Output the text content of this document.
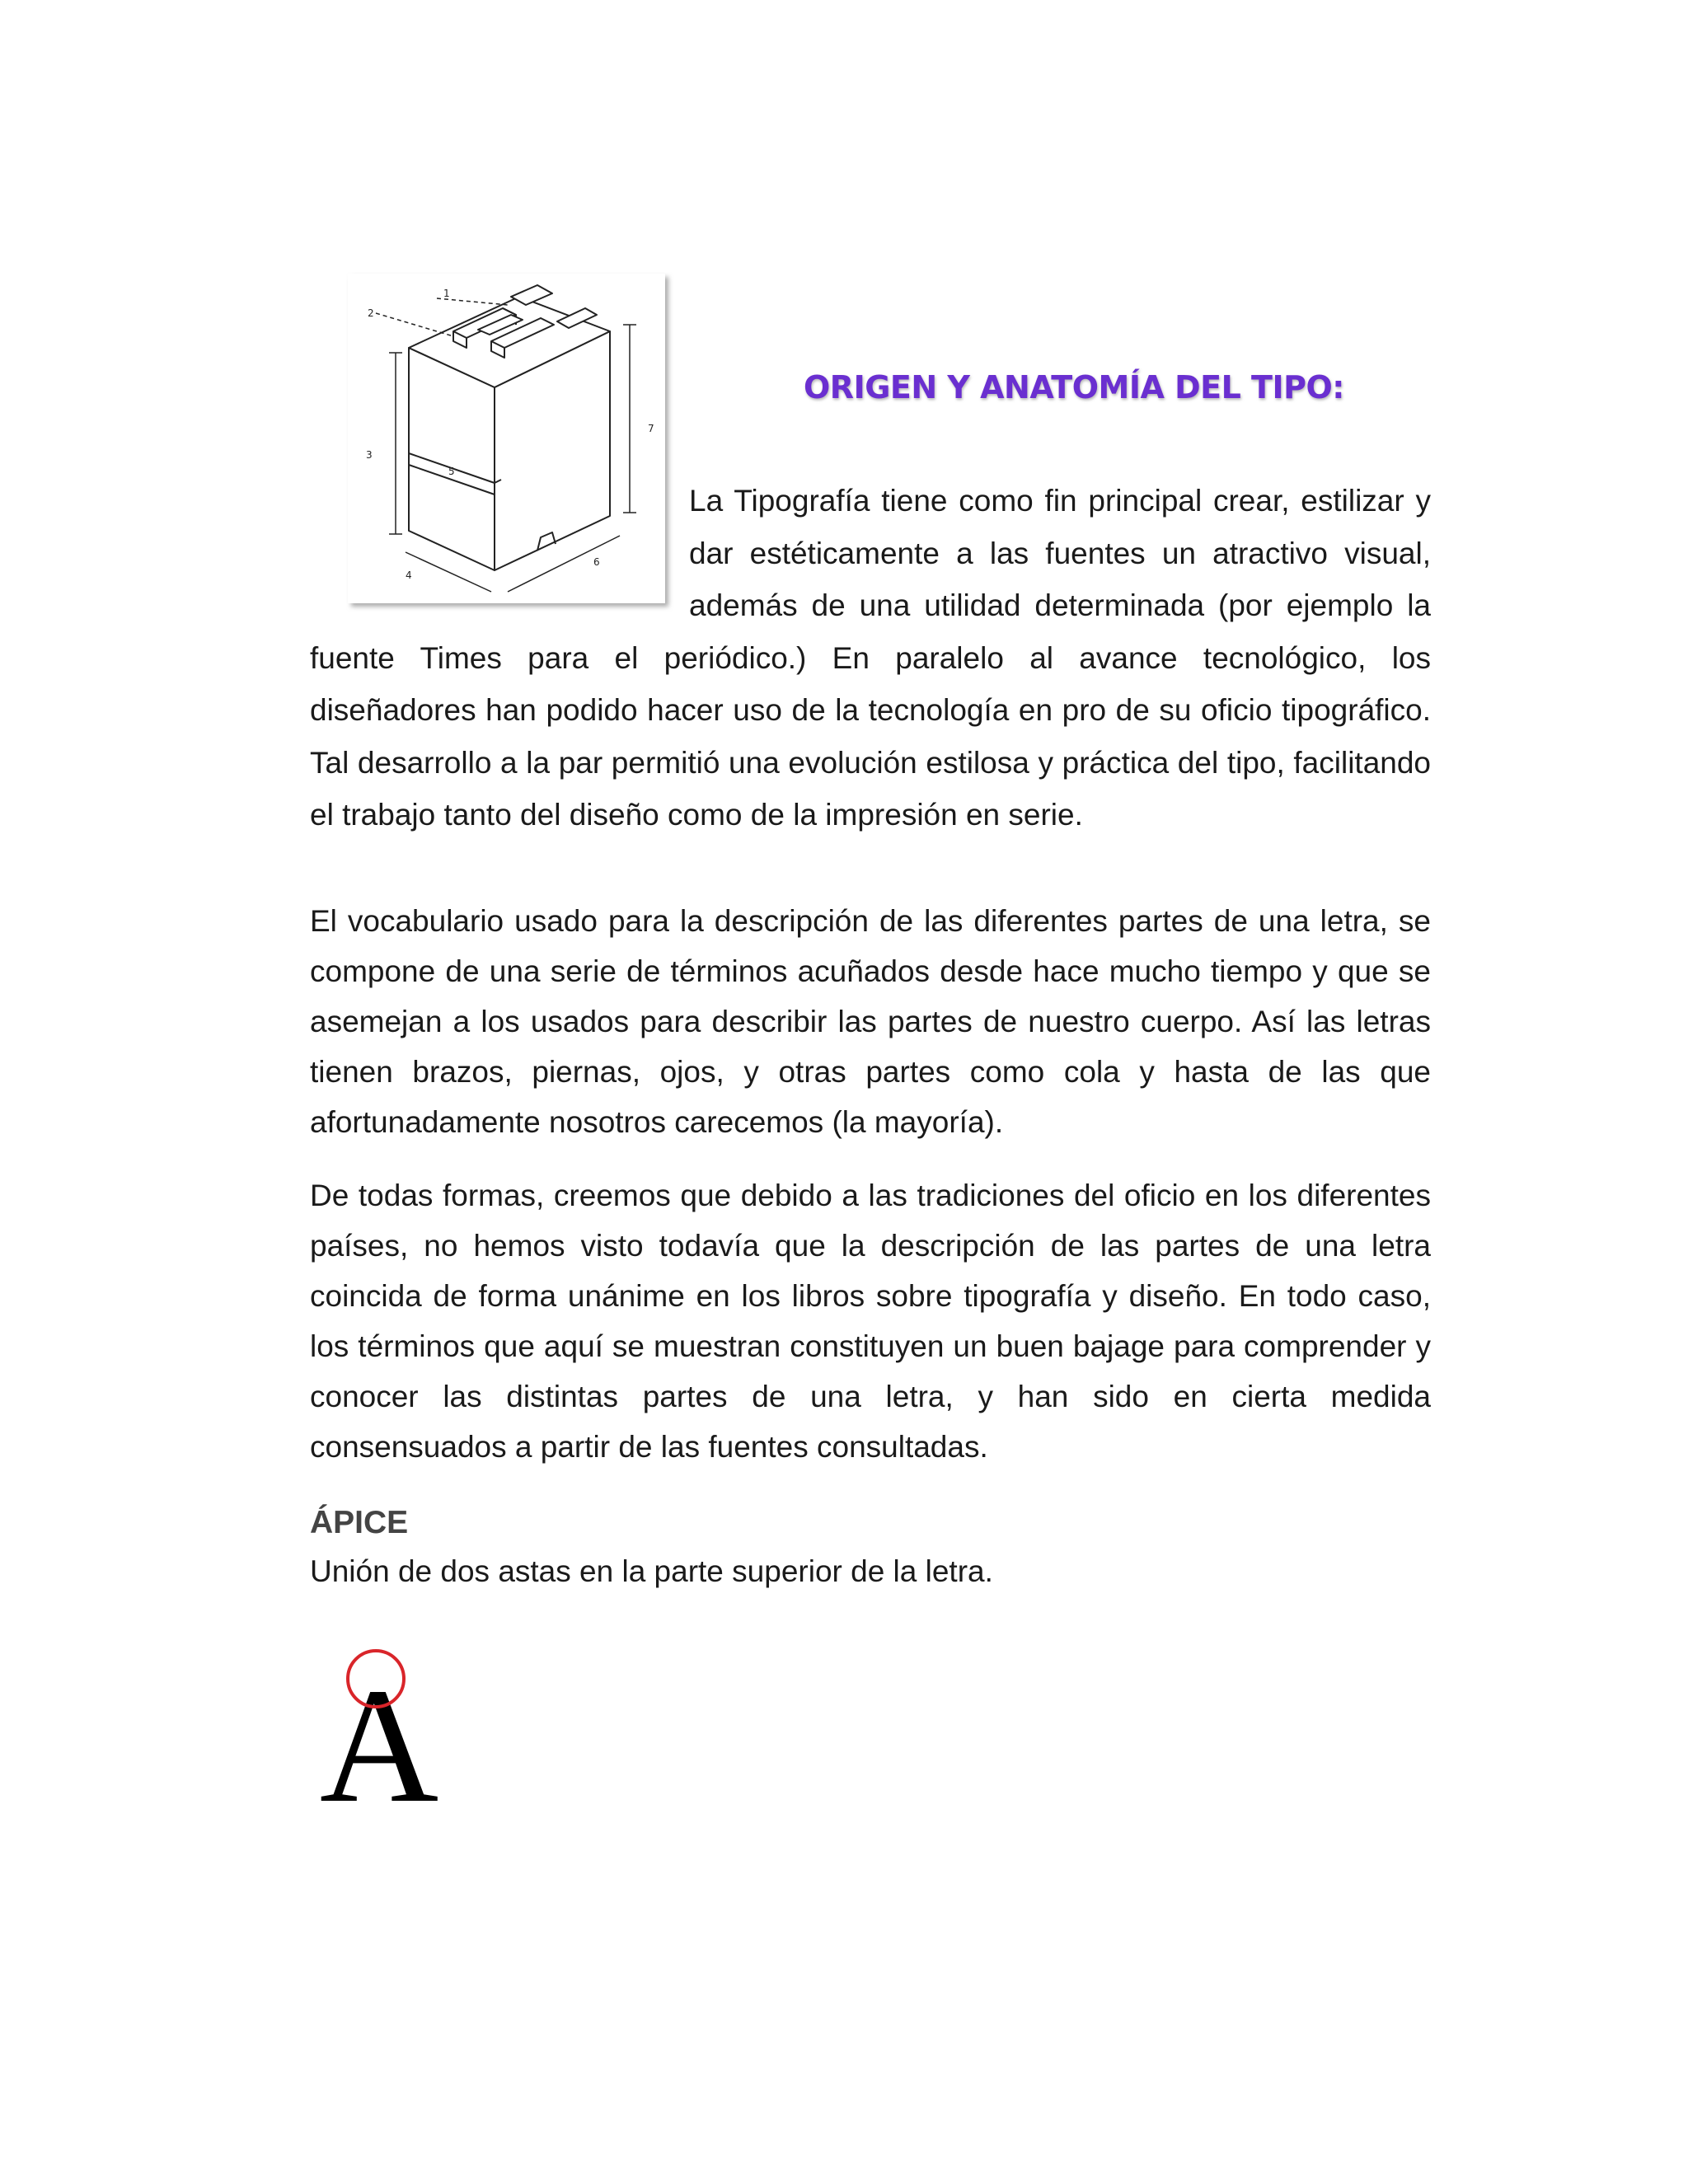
1
2
3
4
5
6
7
ORIGEN Y ANATOMÍA DEL TIPO:

La Tipografía tiene como fin principal crear, estilizar y dar estéticamente a las fuentes un atractivo visual, además de una utilidad determinada (por ejemplo la fuente Times para el periódico.) En paralelo al avance tecnológico, los diseñadores han podido hacer uso de la tecnología en pro de su oficio tipográfico. Tal desarrollo a la par permitió una evolución estilosa y práctica del tipo, facilitando el trabajo tanto del diseño como de la impresión en serie.

El vocabulario usado para la descripción de las diferentes partes de una letra, se compone de una serie de términos acuñados desde hace mucho tiempo y que se asemejan a los usados para describir las partes de nuestro cuerpo. Así las letras tienen brazos, piernas, ojos, y otras partes como cola y hasta de las que afortunadamente nosotros carecemos (la mayoría).

De todas formas, creemos que debido a las tradiciones del oficio en los diferentes países, no hemos visto todavía que la descripción de las partes de una letra coincida de forma unánime en los libros sobre tipografía y diseño. En todo caso, los términos que aquí se muestran constituyen un buen bajage para comprender y conocer las distintas partes de una letra, y han sido en cierta medida consensuados a partir de las fuentes consultadas.

ÁPICE

Unión de dos astas en la parte superior de la letra.

A
